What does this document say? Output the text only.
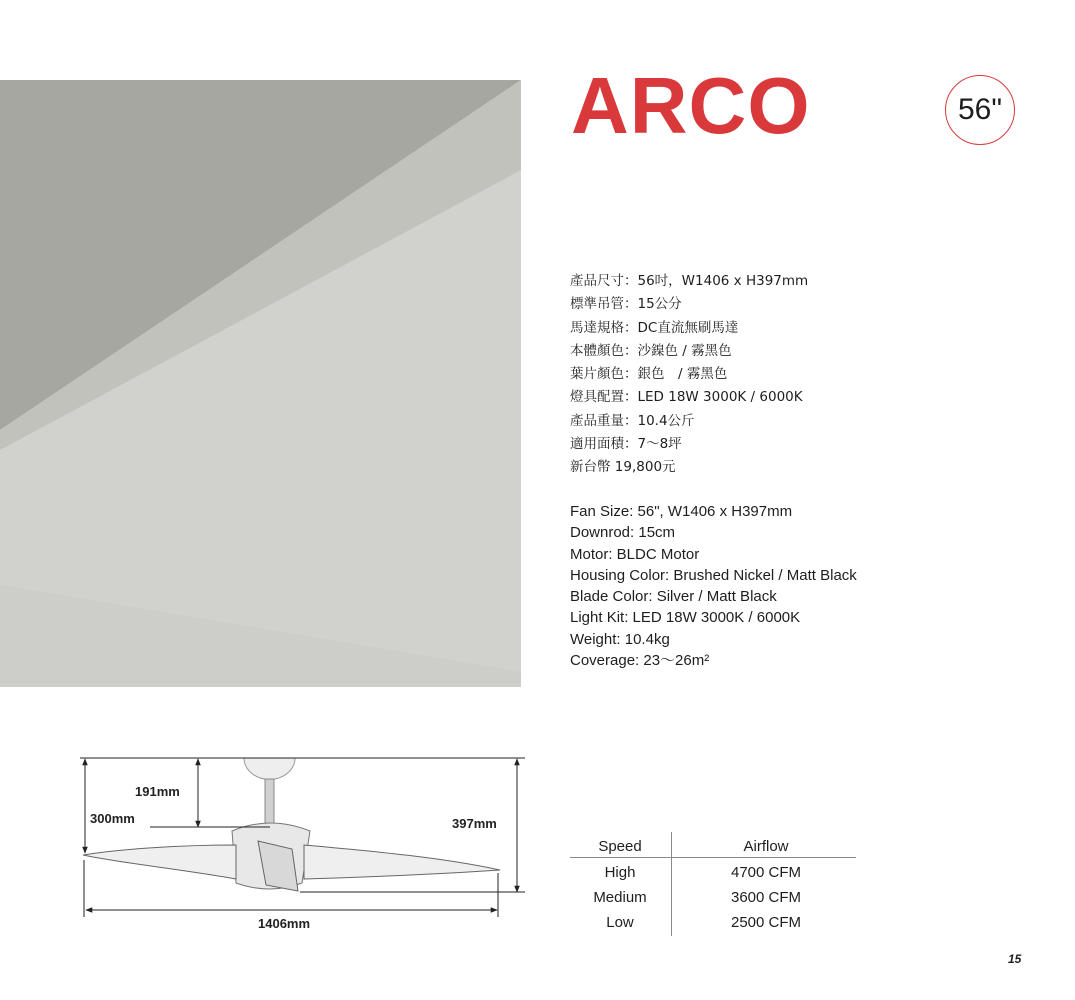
ARCO	56"
產品尺寸：56吋，W1406 x H397mm
標準吊管：15公分
馬達規格：DC直流無刷馬達
本體顏色：沙鎳色 / 霧黑色
葉片顏色：銀色　/ 霧黑色
燈具配置：LED 18W 3000K / 6000K
產品重量：10.4公斤
適用面積：7～8坪
新台幣 19,800元
Fan Size: 56", W1406 x H397mm
Downrod: 15cm
Motor: BLDC Motor
Housing Color: Brushed Nickel / Matt Black
Blade Color: Silver / Matt Black
Light Kit: LED 18W 3000K / 6000K
Weight: 10.4kg
Coverage: 23～26m²
191mm
300mm	397mm
1406mm
Speed	Airflow
High	4700 CFM
Medium	3600 CFM
Low	2500 CFM
15
